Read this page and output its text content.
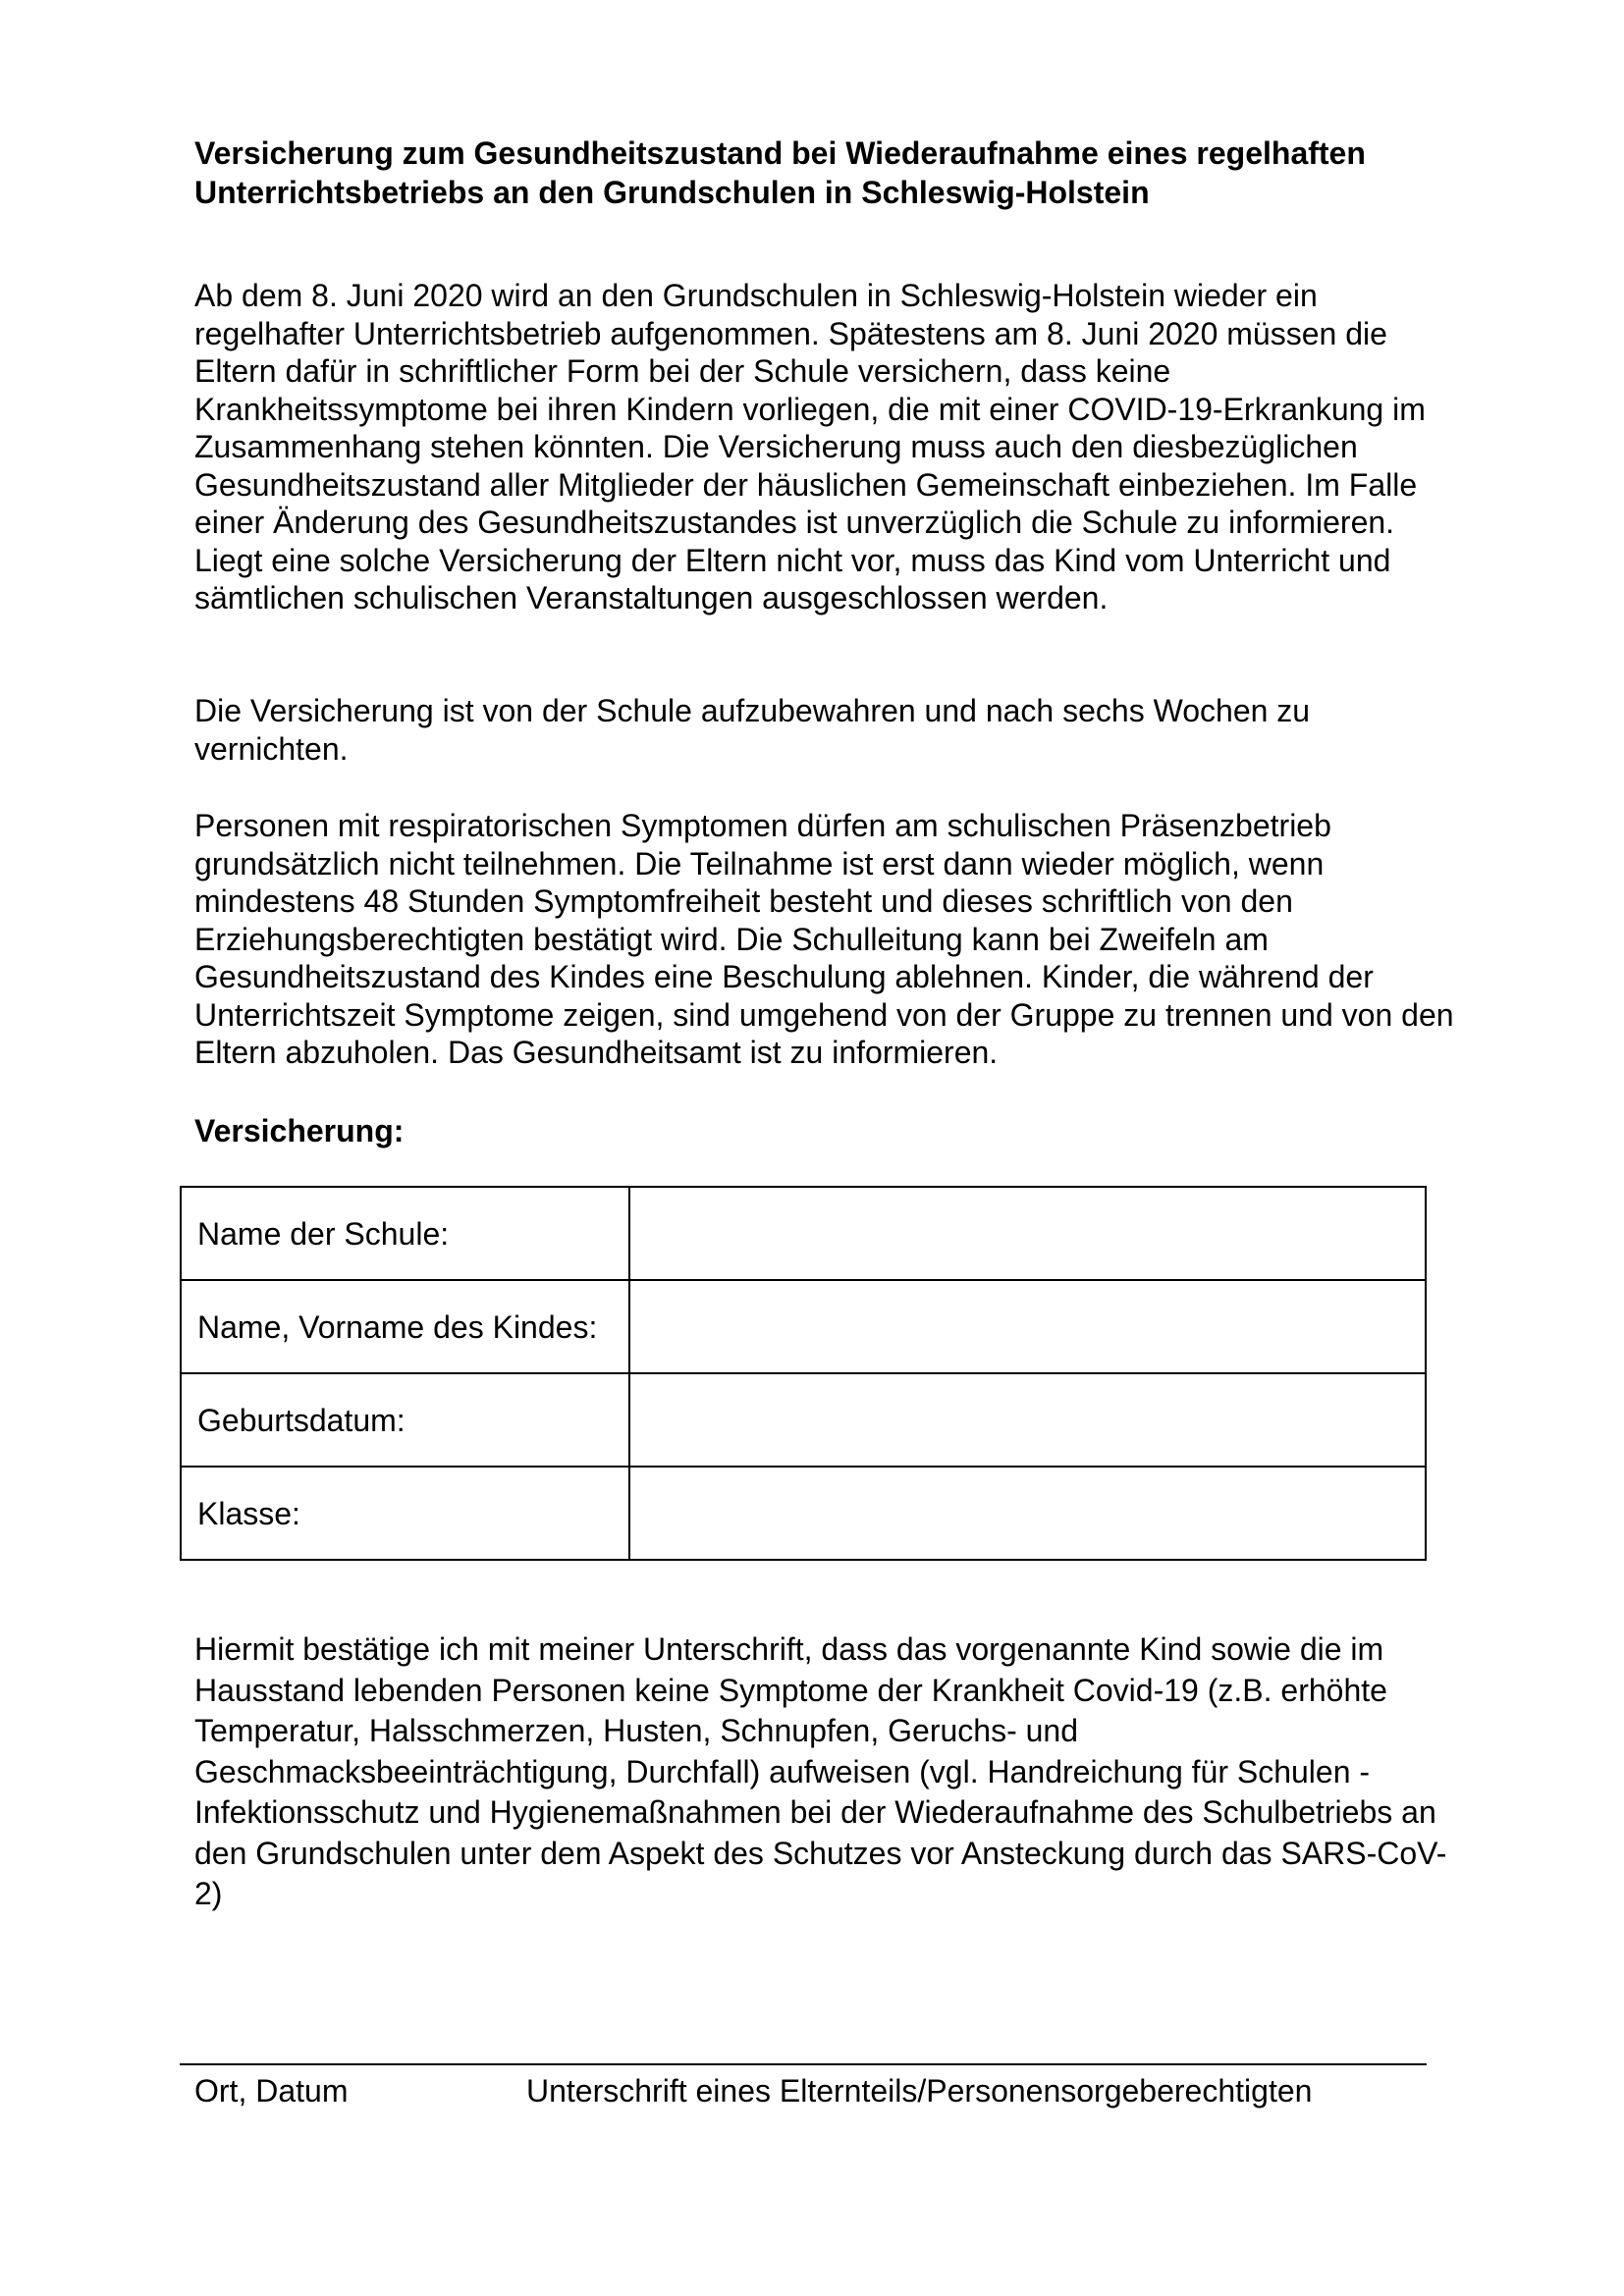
Versicherung zum Gesundheitszustand bei Wiederaufnahme eines regelhaften Unterrichtsbetriebs an den Grundschulen in Schleswig-Holstein

Ab dem 8. Juni 2020 wird an den Grundschulen in Schleswig-Holstein wieder ein regelhafter Unterrichtsbetrieb aufgenommen. Spätestens am 8. Juni 2020 müssen die Eltern dafür in schriftlicher Form bei der Schule versichern, dass keine Krankheitssymptome bei ihren Kindern vorliegen, die mit einer COVID-19-Erkrankung im Zusammenhang stehen könnten. Die Versicherung muss auch den diesbezüglichen Gesundheitszustand aller Mitglieder der häuslichen Gemeinschaft einbeziehen. Im Falle einer Änderung des Gesundheitszustandes ist unverzüglich die Schule zu informieren. Liegt eine solche Versicherung der Eltern nicht vor, muss das Kind vom Unterricht und sämtlichen schulischen Veranstaltungen ausgeschlossen werden.

Die Versicherung ist von der Schule aufzubewahren und nach sechs Wochen zu vernichten.

Personen mit respiratorischen Symptomen dürfen am schulischen Präsenzbetrieb grundsätzlich nicht teilnehmen. Die Teilnahme ist erst dann wieder möglich, wenn mindestens 48 Stunden Symptomfreiheit besteht und dieses schriftlich von den Erziehungsberechtigten bestätigt wird. Die Schulleitung kann bei Zweifeln am Gesundheitszustand des Kindes eine Beschulung ablehnen. Kinder, die während der Unterrichtszeit Symptome zeigen, sind umgehend von der Gruppe zu trennen und von den Eltern abzuholen. Das Gesundheitsamt ist zu informieren.

Versicherung:

Name der Schule:	
Name, Vorname des Kindes:	
Geburtsdatum:	
Klasse:	

Hiermit bestätige ich mit meiner Unterschrift, dass das vorgenannte Kind sowie die im Hausstand lebenden Personen keine Symptome der Krankheit Covid-19 (z.B. erhöhte Temperatur, Halsschmerzen, Husten, Schnupfen, Geruchs- und Geschmacksbeeinträchtigung, Durchfall) aufweisen (vgl. Handreichung für Schulen - Infektionsschutz und Hygienemaßnahmen bei der Wiederaufnahme des Schulbetriebs an den Grundschulen unter dem Aspekt des Schutzes vor Ansteckung durch das SARS-CoV-2)

Ort, Datum	Unterschrift eines Elternteils/Personensorgeberechtigten
